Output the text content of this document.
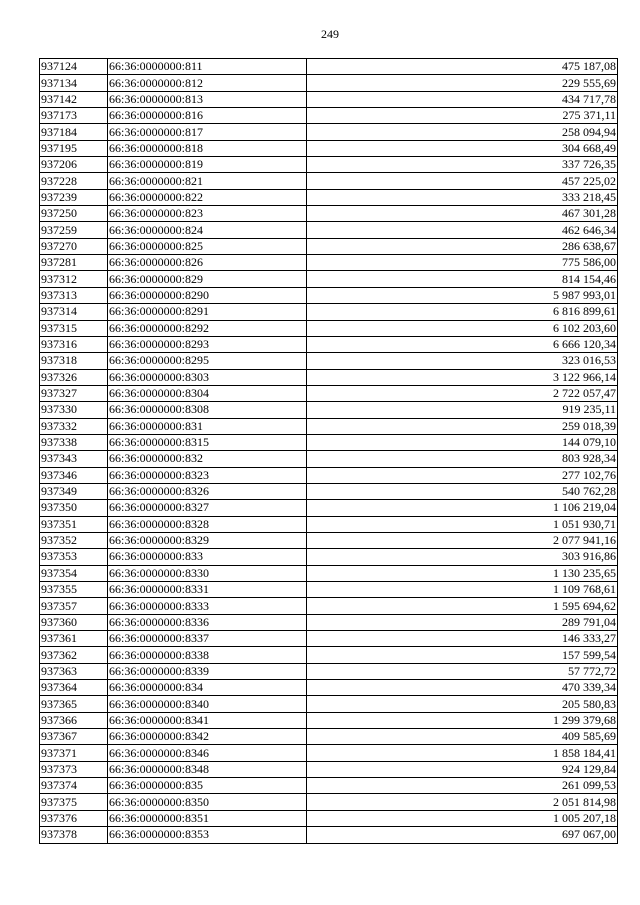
249
937124	66:36:0000000:811	475 187,08
937134	66:36:0000000:812	229 555,69
937142	66:36:0000000:813	434 717,78
937173	66:36:0000000:816	275 371,11
937184	66:36:0000000:817	258 094,94
937195	66:36:0000000:818	304 668,49
937206	66:36:0000000:819	337 726,35
937228	66:36:0000000:821	457 225,02
937239	66:36:0000000:822	333 218,45
937250	66:36:0000000:823	467 301,28
937259	66:36:0000000:824	462 646,34
937270	66:36:0000000:825	286 638,67
937281	66:36:0000000:826	775 586,00
937312	66:36:0000000:829	814 154,46
937313	66:36:0000000:8290	5 987 993,01
937314	66:36:0000000:8291	6 816 899,61
937315	66:36:0000000:8292	6 102 203,60
937316	66:36:0000000:8293	6 666 120,34
937318	66:36:0000000:8295	323 016,53
937326	66:36:0000000:8303	3 122 966,14
937327	66:36:0000000:8304	2 722 057,47
937330	66:36:0000000:8308	919 235,11
937332	66:36:0000000:831	259 018,39
937338	66:36:0000000:8315	144 079,10
937343	66:36:0000000:832	803 928,34
937346	66:36:0000000:8323	277 102,76
937349	66:36:0000000:8326	540 762,28
937350	66:36:0000000:8327	1 106 219,04
937351	66:36:0000000:8328	1 051 930,71
937352	66:36:0000000:8329	2 077 941,16
937353	66:36:0000000:833	303 916,86
937354	66:36:0000000:8330	1 130 235,65
937355	66:36:0000000:8331	1 109 768,61
937357	66:36:0000000:8333	1 595 694,62
937360	66:36:0000000:8336	289 791,04
937361	66:36:0000000:8337	146 333,27
937362	66:36:0000000:8338	157 599,54
937363	66:36:0000000:8339	57 772,72
937364	66:36:0000000:834	470 339,34
937365	66:36:0000000:8340	205 580,83
937366	66:36:0000000:8341	1 299 379,68
937367	66:36:0000000:8342	409 585,69
937371	66:36:0000000:8346	1 858 184,41
937373	66:36:0000000:8348	924 129,84
937374	66:36:0000000:835	261 099,53
937375	66:36:0000000:8350	2 051 814,98
937376	66:36:0000000:8351	1 005 207,18
937378	66:36:0000000:8353	697 067,00
